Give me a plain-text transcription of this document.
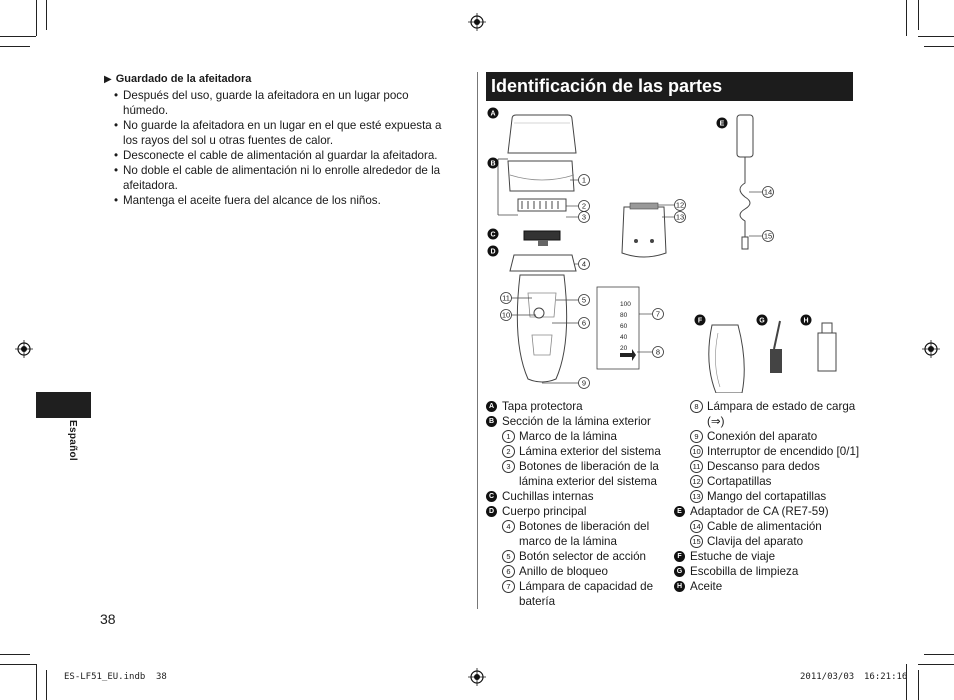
▶ Guardado de la afeitadora
• Después del uso, guarde la afeitadora en un lugar poco húmedo.
• No guarde la afeitadora en un lugar en el que esté expuesta a los rayos del sol u otras fuentes de calor.
• Desconecte el cable de alimentación al guardar la afeitadora.
• No doble el cable de alimentación ni lo enrolle alrededor de la afeitadora.
• Mantenga el aceite fuera del alcance de los niños.
Español
38
Identificación de las partes
100
80
60
40
20
A
B
C
D
E
F	G	H
1
2
3
4
5
6
7
8
9
10
11
12
13
14
15
A Tapa protectora
B Sección de la lámina exterior
1 Marco de la lámina
2 Lámina exterior del sistema
3 Botones de liberación de la lámina exterior del sistema
C Cuchillas internas
D Cuerpo principal
4 Botones de liberación del marco de la lámina
5 Botón selector de acción
6 Anillo de bloqueo
7 Lámpara de capacidad de batería
8 Lámpara de estado de carga (⇒)
9 Conexión del aparato
10 Interruptor de encendido [0/1]
11 Descanso para dedos
12 Cortapatillas
13 Mango del cortapatillas
E Adaptador de CA (RE7-59)
14 Cable de alimentación
15 Clavija del aparato
F Estuche de viaje
G Escobilla de limpieza
H Aceite
ES-LF51_EU.indb 38	2011/03/03 16:21:16
